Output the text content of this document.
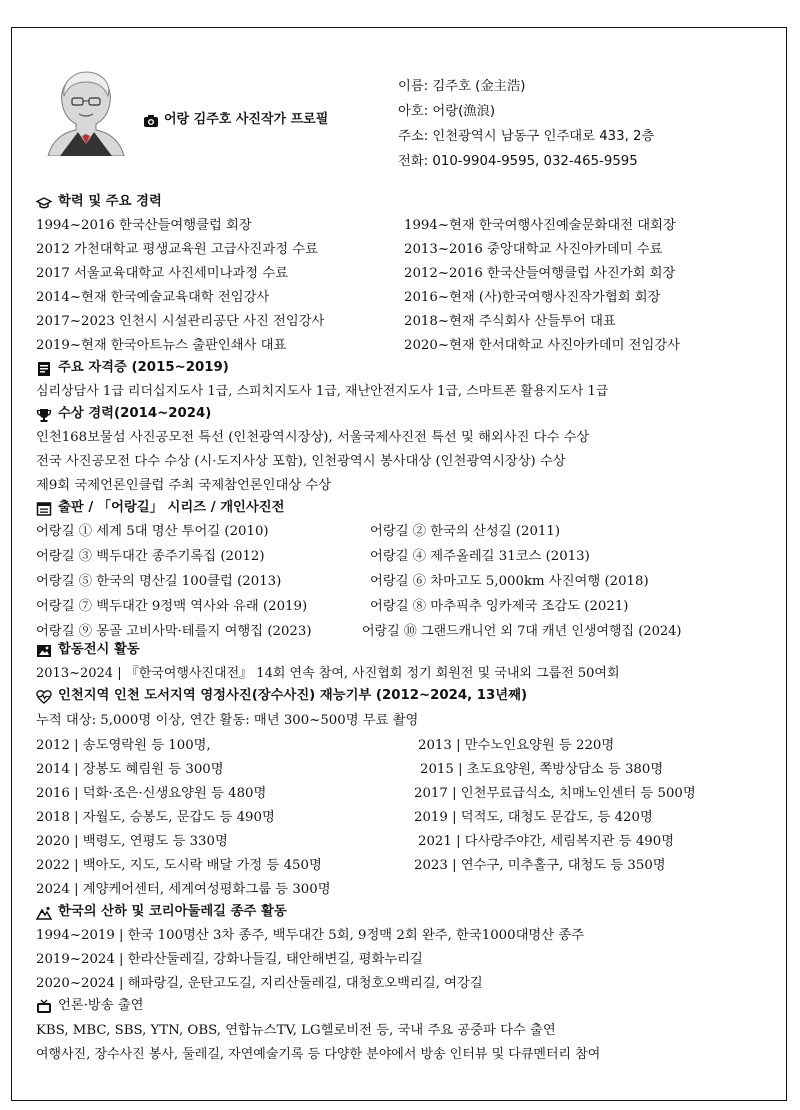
어랑 김주호 사진작가 프로필
이름: 김주호 (金主浩)
아호: 어랑(漁浪)
주소: 인천광역시 남동구 인주대로 433, 2층
전화: 010-9904-9595, 032-465-9595
학력 및 주요 경력
1994~2016 한국산들여행클럽 회장
2012 가천대학교 평생교육원 고급사진과정 수료
2017 서울교육대학교 사진세미나과정 수료
2014~현재 한국예술교육대학 전임강사
2017~2023 인천시 시설관리공단 사진 전임강사
2019~현재 한국아트뉴스 출판인쇄사 대표
1994~현재 한국여행사진예술문화대전 대회장
2013~2016 중앙대학교 사진아카데미 수료
2012~2016 한국산들여행클럽 사진가회 회장
2016~현재 (사)한국여행사진작가협회 회장
2018~현재 주식회사 산들투어 대표
2020~현재 한서대학교 사진아카데미 전임강사
주요 자격증 (2015~2019)
심리상담사 1급 리더십지도사 1급, 스피치지도사 1급, 재난안전지도사 1급, 스마트폰 활용지도사 1급
수상 경력(2014~2024)
인천168보물섬 사진공모전 특선 (인천광역시장상), 서울국제사진전 특선 및 해외사진 다수 수상
전국 사진공모전 다수 수상 (시·도지사상 포함), 인천광역시 봉사대상 (인천광역시장상) 수상
제9회 국제언론인클럽 주최 국제참언론인대상 수상
출판 / 「어랑길」 시리즈 / 개인사진전
어랑길 ① 세계 5대 명산 투어길 (2010)
어랑길 ③ 백두대간 종주기록집 (2012)
어랑길 ⑤ 한국의 명산길 100클럽 (2013)
어랑길 ⑦ 백두대간 9정맥 역사와 유래 (2019)
어랑길 ⑨ 몽골 고비사막·테를지 여행집 (2023)
어랑길 ② 한국의 산성길 (2011)
어랑길 ④ 제주올레길 31코스 (2013)
어랑길 ⑥ 차마고도 5,000km 사진여행 (2018)
어랑길 ⑧ 마추픽추 잉카제국 조감도 (2021)
어랑길 ⑩ 그랜드캐니언 외 7대 캐년 인생여행집 (2024)
합동전시 활동
2013~2024 | 『한국여행사진대전』 14회 연속 참여, 사진협회 정기 회원전 및 국내외 그룹전 50여회
인천지역 인천 도서지역 영정사진(장수사진) 재능기부 (2012~2024, 13년째)
누적 대상: 5,000명 이상, 연간 활동: 매년 300~500명 무료 촬영
2012 | 송도영락원 등 100명,
2014 | 장봉도 혜림원 등 300명
2016 | 덕화·조은·신생요양원 등 480명
2018 | 자월도, 승봉도, 문갑도 등 490명
2020 | 백령도, 연평도 등 330명
2022 | 백아도, 지도, 도시락 배달 가정 등 450명
2024 | 계양케어센터, 세계여성평화그룹 등 300명
2013 | 만수노인요양원 등 220명
2015 | 초도요양원, 쪽방상담소 등 380명
2017 | 인천무료급식소, 치매노인센터 등 500명
2019 | 덕적도, 대청도 문갑도, 등 420명
2021 | 다사랑주야간, 세림복지관 등 490명
2023 | 연수구, 미추홀구, 대청도 등 350명
한국의 산하 및 코리아둘레길 종주 활동
1994~2019 | 한국 100명산 3차 종주, 백두대간 5회, 9정맥 2회 완주, 한국1000대명산 종주
2019~2024 | 한라산둘레길, 강화나들길, 태안해변길, 평화누리길
2020~2024 | 해파랑길, 운탄고도길, 지리산둘레길, 대청호오백리길, 여강길
언론·방송 출연
KBS, MBC, SBS, YTN, OBS, 연합뉴스TV, LG헬로비전 등, 국내 주요 공중파 다수 출연
여행사진, 장수사진 봉사, 둘레길, 자연예술기록 등 다양한 분야에서 방송 인터뷰 및 다큐멘터리 참여
